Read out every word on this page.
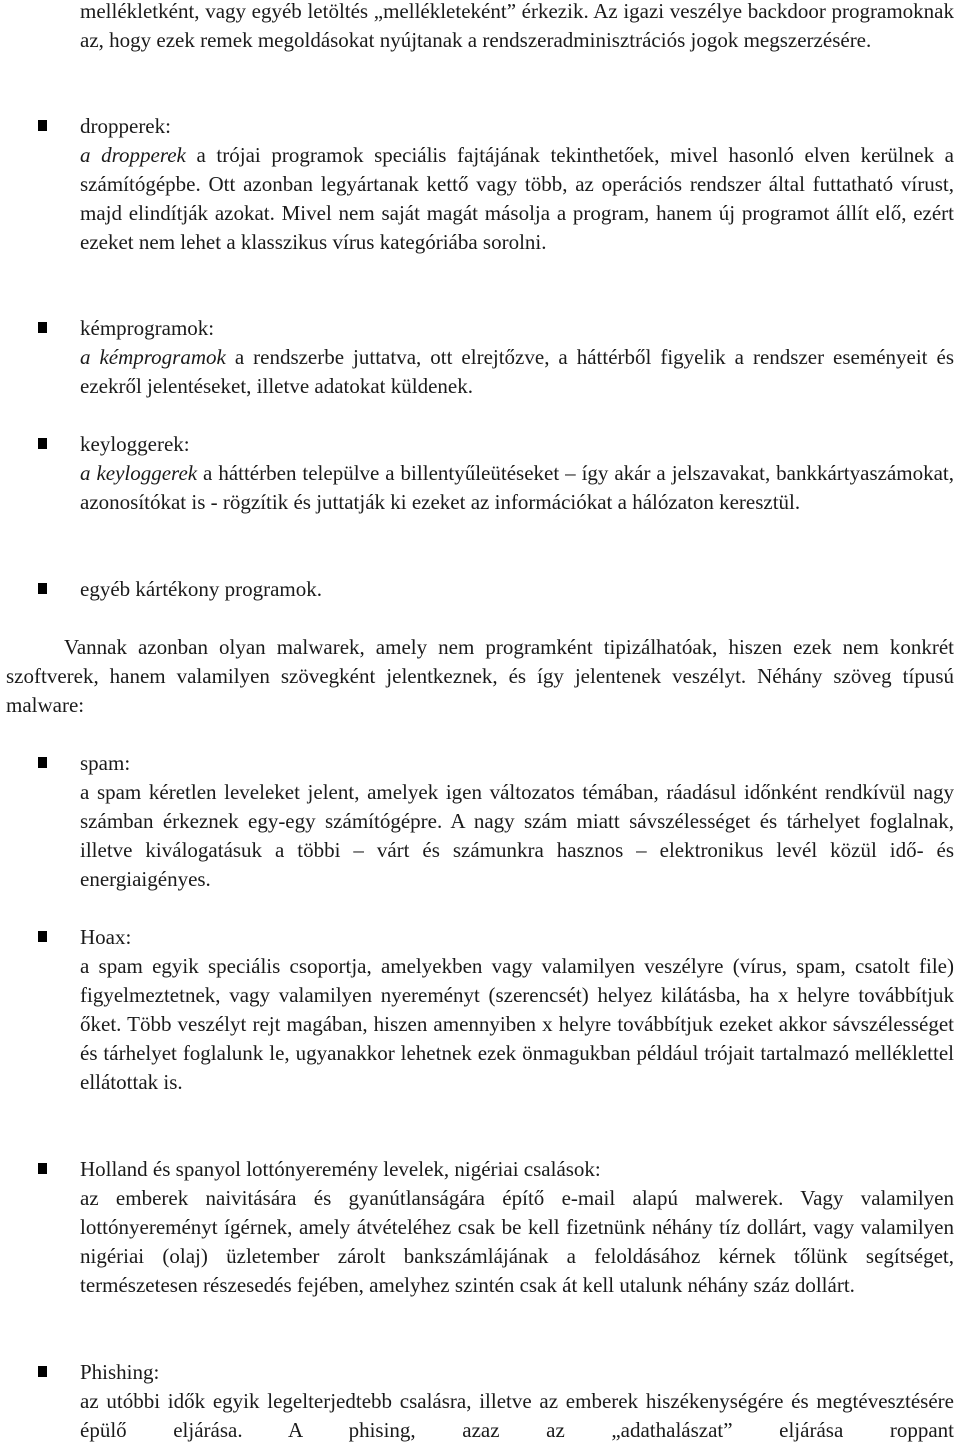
mellékletként, vagy egyéb letöltés „mellékleteként” érkezik. Az igazi veszélye backdoor programoknak az, hogy ezek remek megoldásokat nyújtanak a rendszeradminisztrációs jogok megszerzésére.

dropperek:
a dropperek a trójai programok speciális fajtájának tekinthetőek, mivel hasonló elven kerülnek a számítógépbe. Ott azonban legyártanak kettő vagy több, az operációs rendszer által futtatható vírust, majd elindítják azokat. Mivel nem saját magát másolja a program, hanem új programot állít elő, ezért ezeket nem lehet a klasszikus vírus kategóriába sorolni.

kémprogramok:
a kémprogramok a rendszerbe juttatva, ott elrejtőzve, a háttérből figyelik a rendszer eseményeit és ezekről jelentéseket, illetve adatokat küldenek.

keyloggerek:
a keyloggerek a háttérben települve a billentyűleütéseket – így akár a jelszavakat, bankkártyaszámokat, azonosítókat is - rögzítik és juttatják ki ezeket az információkat a hálózaton keresztül.

egyéb kártékony programok.

Vannak azonban olyan malwarek, amely nem programként tipizálhatóak, hiszen ezek nem konkrét szoftverek, hanem valamilyen szövegként jelentkeznek, és így jelentenek veszélyt. Néhány szöveg típusú malware:

spam:
a spam kéretlen leveleket jelent, amelyek igen változatos témában, ráadásul időnként rendkívül nagy számban érkeznek egy-egy számítógépre. A nagy szám miatt sávszélességet és tárhelyet foglalnak, illetve kiválogatásuk a többi – várt és számunkra hasznos – elektronikus levél közül idő- és energiaigényes.

Hoax:
a spam egyik speciális csoportja, amelyekben vagy valamilyen veszélyre (vírus, spam, csatolt file) figyelmeztetnek, vagy valamilyen nyereményt (szerencsét) helyez kilátásba, ha x helyre továbbítjuk őket. Több veszélyt rejt magában, hiszen amennyiben x helyre továbbítjuk ezeket akkor sávszélességet és tárhelyet foglalunk le, ugyanakkor lehetnek ezek önmagukban például trójait tartalmazó melléklettel ellátottak is.

Holland és spanyol lottónyeremény levelek, nigériai csalások:
az emberek naivitására és gyanútlanságára építő e-mail alapú malwerek. Vagy valamilyen lottónyereményt ígérnek, amely átvételéhez csak be kell fizetnünk néhány tíz dollárt, vagy valamilyen nigériai (olaj) üzletember zárolt bankszámlájának a feloldásához kérnek tőlünk segítséget, természetesen részesedés fejében, amelyhez szintén csak át kell utalunk néhány száz dollárt.

Phishing:
az utóbbi idők egyik legelterjedtebb csalásra, illetve az emberek hiszékenységére és megtévesztésére épülő eljárása. A phising, azaz az „adathalászat” eljárása roppant
